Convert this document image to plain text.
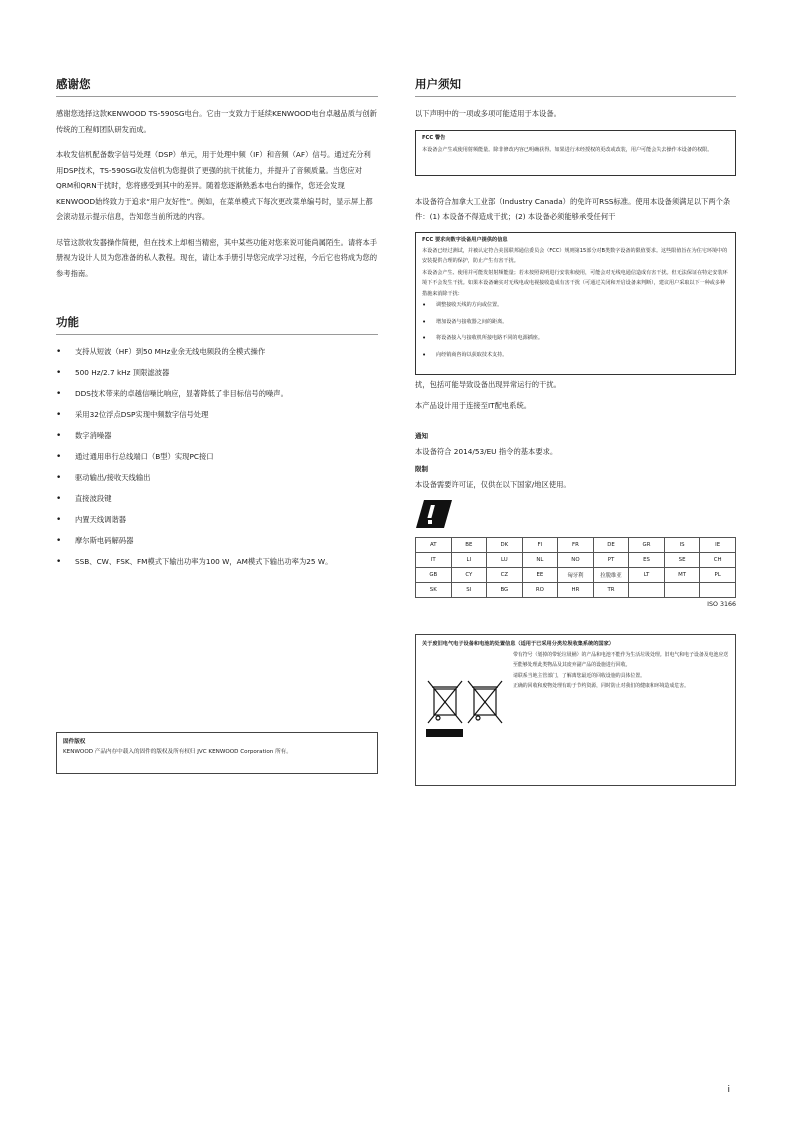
感谢您

感谢您选择这款KENWOOD TS-590SG电台。它由一支致力于延续KENWOOD电台卓越品质与创新传统的工程师团队研发而成。

本收发信机配备数字信号处理（DSP）单元，用于处理中频（IF）和音频（AF）信号。通过充分利用DSP技术，TS-590SG收发信机为您提供了更强的抗干扰能力，并提升了音频质量。当您应对QRM和QRN干扰时，您将感受到其中的差异。随着您逐渐熟悉本电台的操作，您还会发现KENWOOD始终致力于追求“用户友好性”。例如，在菜单模式下每次更改菜单编号时，显示屏上都会滚动显示提示信息，告知您当前所选的内容。

尽管这款收发器操作简便，但在技术上却相当精密，其中某些功能对您来说可能尚属陌生。请将本手册视为设计人员为您准备的私人教程。现在，请让本手册引导您完成学习过程，今后它也将成为您的参考指南。

功能
• 支持从短波（HF）到50 MHz业余无线电频段的全模式操作
• 500 Hz/2.7 kHz 顶限滤波器
• DDS技术带来的卓越信噪比响应，显著降低了非目标信号的噪声。
• 采用32位浮点DSP实现中频数字信号处理
• 数字消噪器
• 通过通用串行总线端口（B型）实现PC接口
• 驱动输出/接收天线输出
• 直接波段键
• 内置天线调谐器
• 摩尔斯电码解码器
• SSB、CW、FSK、FM模式下输出功率为100 W，AM模式下输出功率为25 W。
固件版权
KENWOOD 产品内存中载入的固件的版权及所有权归 JVC KENWOOD Corporation 所有。
用户须知

以下声明中的一项或多项可能适用于本设备。

FCC 警告
本设备会产生或使用射频能量。除非修改内容已明确获得。如果进行未经授权的更改或改装，用户可能会失去操作本设备的权限。

本设备符合加拿大工业部（Industry Canada）的免许可RSS标准。使用本设备须满足以下两个条件：(1) 本设备不得造成干扰；(2) 本设备必须能够承受任何干

FCC 要求向数字设备用户提供的信息
本设备已经过测试，并被认定符合美国联邦通信委员会（FCC）规则第15部分对B类数字设备的限值要求。这些限值旨在为住宅环境中的安装提供合理的保护，防止产生有害干扰。
本设备会产生、使用并可能发射射频能量；若未按照说明进行安装和使用，可能会对无线电通信造成有害干扰。但无法保证在特定安装环境下不会发生干扰。如果本设备确实对无线电或电视接收造成有害干扰（可通过关闭和开启设备来判断），建议用户采取以下一种或多种措施来消除干扰：
• 调整接收天线的方向或位置。
• 增加设备与接收器之间的距离。
• 将设备接入与接收机所接电路不同的电源插座。
• 向经销商咨询以获取技术支持。

扰，包括可能导致设备出现异常运行的干扰。

本产品设计用于连接至IT配电系统。

通知

本设备符合 2014/53/EU 指令的基本要求。

限制

本设备需要许可证，仅供在以下国家/地区使用。

AT	BE	DK	FI	FR	DE	GR	IS	IE
IT	LI	LU	NL	NO	PT	ES	SE	CH
GB	CY	CZ	EE	匈牙利	拉脱维亚	LT	MT	PL
SK	SI	BG	RO	HR	TR			
ISO 3166
关于废旧电气电子设备和电池的处置信息（适用于已采用分类垃圾收集系统的国家）

带有符号（划掉的带轮垃圾桶）的产品和电池不能作为生活垃圾处理。旧电气和电子设备及电池应送至能够处理此类物品及其废弃副产品的设施进行回收。

请联系当地主管部门，了解离您最近的回收设施的具体位置。

正确的回收和废物处理有助于节约资源，同时防止对我们的健康和环境造成危害。

i
